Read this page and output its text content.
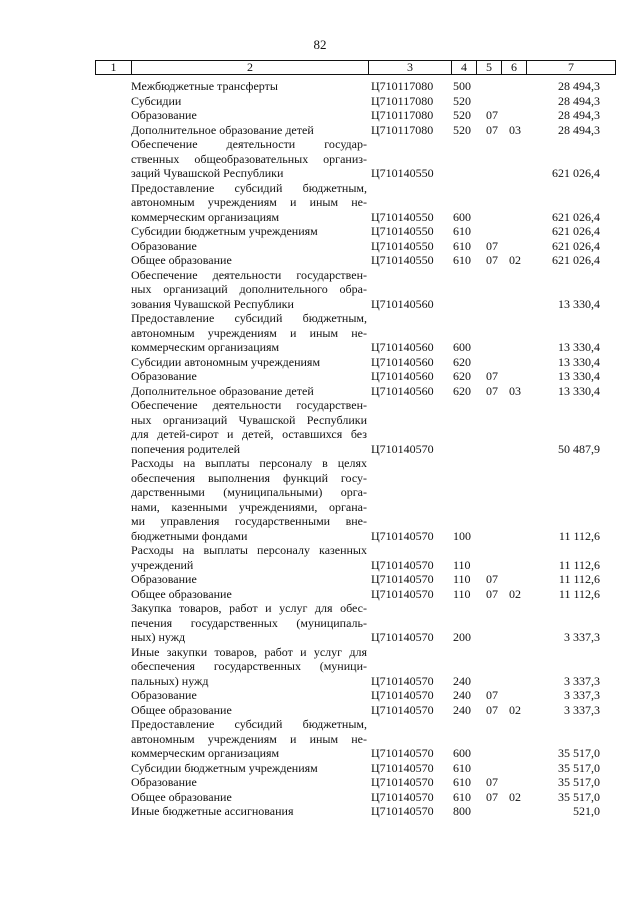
82
1	2	3	4	5	6	7
Межбюджетные трансферты	Ц710117080 500	28 494,3
Субсидии	Ц710117080 520	28 494,3
Образование	Ц710117080 520 07	28 494,3
Дополнительное образование детей	Ц710117080 520 07 03	28 494,3
Обеспечение деятельности государ-
ственных общеобразовательных организ-
заций Чувашской Республики	Ц710140550	621 026,4
Предоставление субсидий бюджетным,
автономным учреждениям и иным не-
коммерческим организациям	Ц710140550 600	621 026,4
Субсидии бюджетным учреждениям	Ц710140550 610	621 026,4
Образование	Ц710140550 610 07	621 026,4
Общее образование	Ц710140550 610 07 02	621 026,4
Обеспечение деятельности государствен-
ных организаций дополнительного обра-
зования Чувашской Республики	Ц710140560	13 330,4
Предоставление субсидий бюджетным,
автономным учреждениям и иным не-
коммерческим организациям	Ц710140560 600	13 330,4
Субсидии автономным учреждениям	Ц710140560 620	13 330,4
Образование	Ц710140560 620 07	13 330,4
Дополнительное образование детей	Ц710140560 620 07 03	13 330,4
Обеспечение деятельности государствен-
ных организаций Чувашской Республики
для детей-сирот и детей, оставшихся без
попечения родителей	Ц710140570	50 487,9
Расходы на выплаты персоналу в целях
обеспечения выполнения функций госу-
дарственными (муниципальными) орга-
нами, казенными учреждениями, органа-
ми управления государственными вне-
бюджетными фондами	Ц710140570 100	11 112,6
Расходы на выплаты персоналу казенных
учреждений	Ц710140570 110	11 112,6
Образование	Ц710140570 110 07	11 112,6
Общее образование	Ц710140570 110 07 02	11 112,6
Закупка товаров, работ и услуг для обес-
печения государственных (муниципаль-
ных) нужд	Ц710140570 200	3 337,3
Иные закупки товаров, работ и услуг для
обеспечения государственных (муници-
пальных) нужд	Ц710140570 240	3 337,3
Образование	Ц710140570 240 07	3 337,3
Общее образование	Ц710140570 240 07 02	3 337,3
Предоставление субсидий бюджетным,
автономным учреждениям и иным не-
коммерческим организациям	Ц710140570 600	35 517,0
Субсидии бюджетным учреждениям	Ц710140570 610	35 517,0
Образование	Ц710140570 610 07	35 517,0
Общее образование	Ц710140570 610 07 02	35 517,0
Иные бюджетные ассигнования	Ц710140570 800	521,0
